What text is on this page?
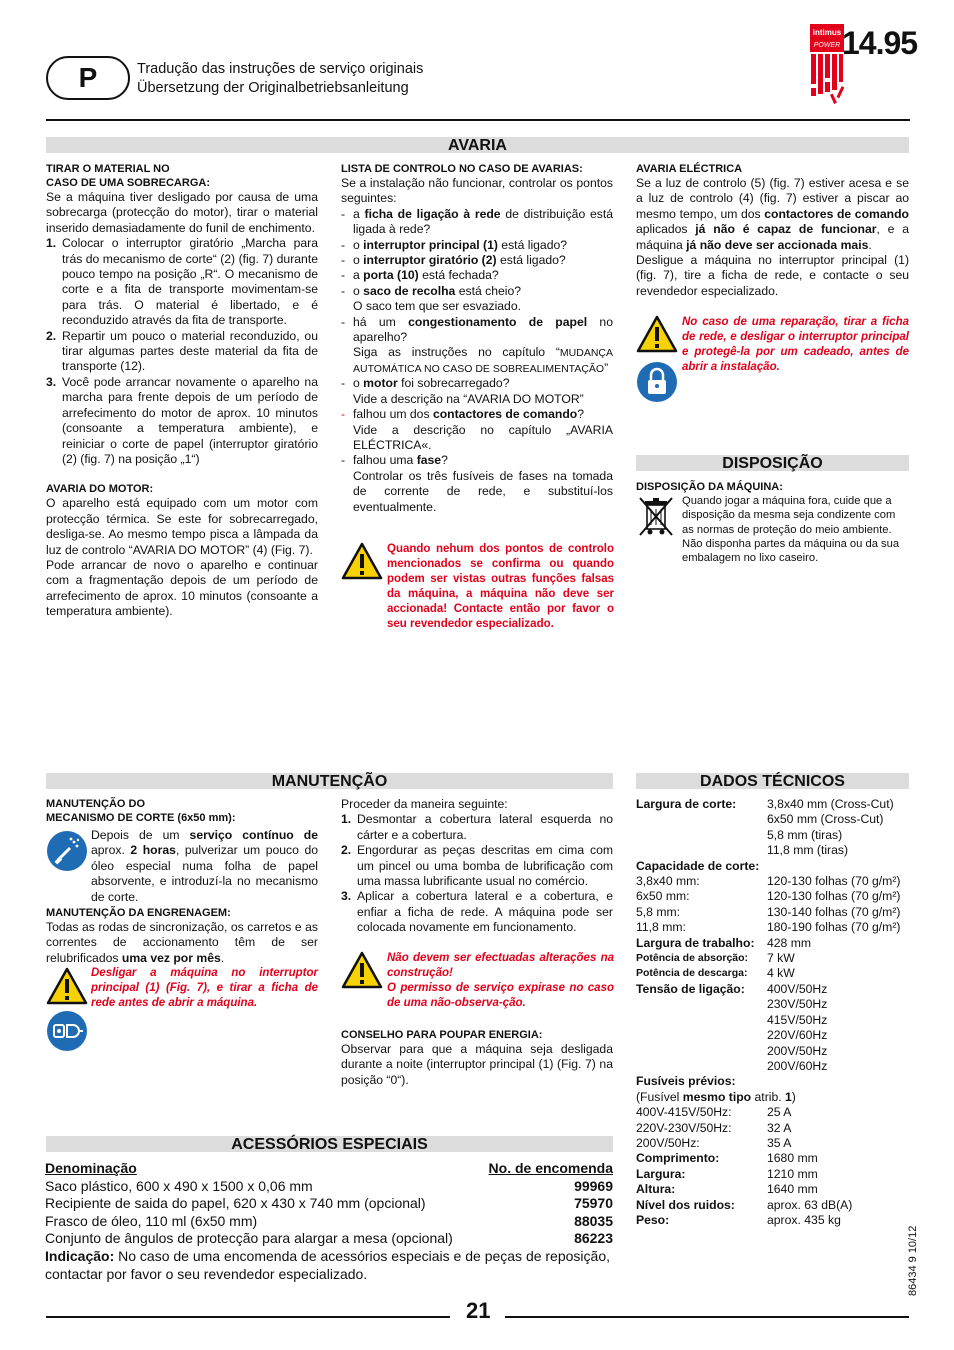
P	Tradução das instruções de serviço originais
Übersetzung der Originalbetriebsanleitung
intimus
POWER 14.95
AVARIA

TIRAR O MATERIAL NO

CASO DE UMA SOBRECARGA:

Se a máquina tiver desligado por causa de uma sobrecarga (protecção do motor), tirar o material inserido demasiadamente do funil de enchimento.

1. Colocar o interruptor giratório „Marcha para trás do mecanismo de corte“ (2) (fig. 7) durante pouco tempo na posição „R“. O mecanismo de corte e a fita de transporte movimentam-se para trás. O material é libertado, e é reconduzido através da fita de transporte.
2. Repartir um pouco o material reconduzido, ou tirar algumas partes deste material da fita de transporte (12).
3. Você pode arrancar novamente o aparelho na marcha para frente depois de um período de arrefecimento do motor de aprox. 10 minutos (consoante a temperatura ambiente), e reiniciar o corte de papel (interruptor giratório (2) (fig. 7) na posição „1“)

AVARIA DO MOTOR:

O aparelho está equipado com um motor com protecção térmica. Se este for sobrecarregado, desliga-se. Ao mesmo tempo pisca a lâmpada da luz de controlo “AVARIA DO MOTOR” (4) (Fig. 7).

Pode arrancar de novo o aparelho e continuar com a fragmentação depois de um período de arrefecimento de aprox. 10 minutos (consoante a temperatura ambiente).

LISTA DE CONTROLO NO CASO DE AVARIAS:

Se a instalação não funcionar, controlar os pontos seguintes:

- a ficha de ligação à rede de distribuição está ligada à rede?
- o interruptor principal (1) está ligado?
- o interruptor giratório (2) está ligado?
- a porta (10) está fechada?
- o saco de recolha está cheio?
O saco tem que ser esvaziado.
- há um congestionamento de papel no aparelho?
Siga as instruções no capítulo “MUDANÇA AUTOMÁTICA NO CASO DE SOBREALIMENTAÇÃO”
- o motor foi sobrecarregado?
Vide a descrição na “AVARIA DO MOTOR”
- falhou um dos contactores de comando?
Vide a descrição no capítulo „AVARIA ELÉCTRICA«.
- falhou uma fase?
Controlar os três fusíveis de fases na tomada de corrente de rede, e substituí-los eventualmente.
Quando nehum dos pontos de controlo mencionados se confirma ou quando podem ser vistas outras funções falsas da máquina, a máquina não deve ser accionada! Contacte então por favor o seu revendedor especializado.

AVARIA ELÉCTRICA

Se a luz de controlo (5) (fig. 7) estiver acesa e se a luz de controlo (4) (fig. 7) estiver a piscar ao mesmo tempo, um dos contactores de comando aplicados já não é capaz de funcionar, e a máquina já não deve ser accionada mais.

Desligue a máquina no interruptor principal (1) (fig. 7), tire a ficha de rede, e contacte o seu revendedor especializado.

No caso de uma reparação, tirar a ficha de rede, e desligar o interruptor principal e protegê-la por um cadeado, antes de abrir a instalação.
DISPOSIÇÃO

DISPOSIÇÃO DA MÁQUINA:

Quando jogar a máquina fora, cuide que a disposição da mesma seja condizente com as normas de proteção do meio ambiente. Não disponha partes da máquina ou da sua embalagem no lixo caseiro.
MANUTENÇÃO

MANUTENÇÃO DO

MECANISMO DE CORTE (6x50 mm):

Depois de um serviço contínuo de aprox. 2 horas, pulverizar um pouco do óleo especial numa folha de papel absorvente, e introduzí-la no mecanismo de corte.

MANUTENÇÃO DA ENGRENAGEM:

Todas as rodas de sincronização, os carretos e as correntes de accionamento têm de ser relubrificados uma vez por mês.

Desligar a máquina no interruptor principal (1) (Fig. 7), e tirar a ficha de rede antes de abrir a máquina.

Proceder da maneira seguinte:

1. Desmontar a cobertura lateral esquerda no cárter e a cobertura.
2. Engordurar as peças descritas em cima com um pincel ou uma bomba de lubrificação com uma massa lubrificante usual no comércio.
3. Aplicar a cobertura lateral e a cobertura, e enfiar a ficha de rede. A máquina pode ser colocada novamente em funcionamento.

Não devem ser efectuadas alterações na construção!

O permisso de serviço expirase no caso de uma não-observa-ção.

CONSELHO PARA POUPAR ENERGIA:

Observar para que a máquina seja desligada durante a noite (interruptor principal (1) (Fig. 7) na posição “0“).

DADOS TÉCNICOS
Largura de corte:	3,8x40 mm (Cross-Cut)
6x50 mm (Cross-Cut)
5,8 mm (tiras)
11,8 mm (tiras)

Capacidade de corte:

3,8x40 mm:	120-130 folhas (70 g/m²)
6x50 mm:	120-130 folhas (70 g/m²)
5,8 mm:	130-140 folhas (70 g/m²)
11,8 mm:	180-190 folhas (70 g/m²)
Largura de trabalho:	428 mm
Potência de absorção:	7 kW
Potência de descarga:	4 kW
Tensão de ligação:	400V/50Hz
230V/50Hz
415V/50Hz
220V/60Hz
200V/50Hz
200V/60Hz

Fusíveis prévios:

(Fusível mesmo tipo atrib. 1)

400V-415V/50Hz:	25 A
220V-230V/50Hz:	32 A
200V/50Hz:	35 A
Comprimento:	1680 mm
Largura:	1210 mm
Altura:	1640 mm
Nível dos ruidos:	aprox. 63 dB(A)
Peso:	aprox. 435 kg
ACESSÓRIOS ESPECIAIS
Denominação	No. de encomenda
Saco plástico, 600 x 490 x 1500 x 0,06 mm	99969
Recipiente de saida do papel, 620 x 430 x 740 mm (opcional)	75970
Frasco de óleo, 110 ml (6x50 mm)	88035
Conjunto de ângulos de protecção para alargar a mesa (opcional)	86223
Indicação: No caso de uma encomenda de acessórios especiais e de peças de reposição, contactar por favor o seu revendedor especializado.
21
86434 9 10/12
